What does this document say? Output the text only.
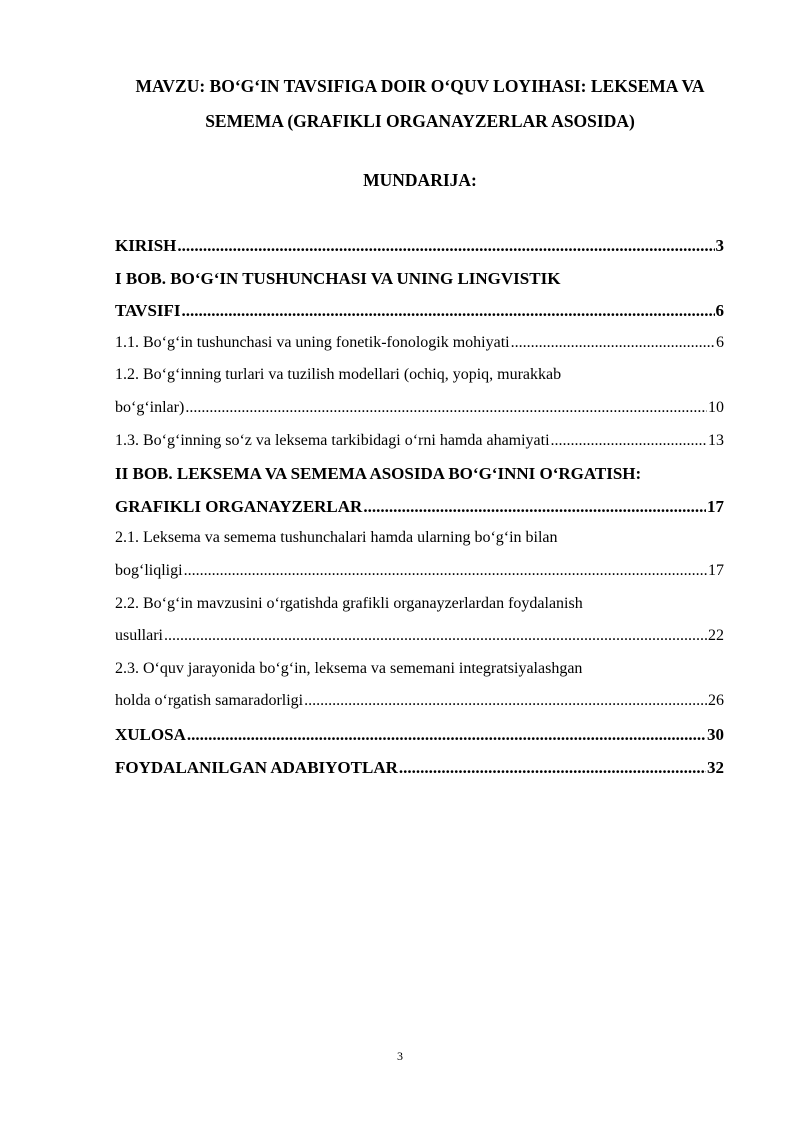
MAVZU: BO‘G‘IN TAVSIFIGA DOIR O‘QUV LOYIHASI: LEKSEMA VA
SEMEMA (GRAFIKLI ORGANAYZERLAR ASOSIDA)
MUNDARIJA:
KIRISH .....	3
I BOB. BO‘G‘IN TUSHUNCHASI VA UNING LINGVISTIK
TAVSIFI .....	6
1.1. Bo‘g‘in tushunchasi va uning fonetik-fonologik mohiyati .....	6
1.2. Bo‘g‘inning turlari va tuzilish modellari (ochiq, yopiq, murakkab
bo‘g‘inlar) .....	10
1.3. Bo‘g‘inning so‘z va leksema tarkibidagi o‘rni hamda ahamiyati .....	13
II BOB. LEKSEMA VA SEMEMA ASOSIDA BO‘G‘INNI O‘RGATISH:
GRAFIKLI ORGANAYZERLAR .....	17
2.1. Leksema va semema tushunchalari hamda ularning bo‘g‘in bilan
bog‘liqligi .....	17
2.2. Bo‘g‘in mavzusini o‘rgatishda grafikli organayzerlardan foydalanish
usullari .....	22
2.3. O‘quv jarayonida bo‘g‘in, leksema va sememani integratsiyalashgan
holda o‘rgatish samaradorligi .....	26
XULOSA .....	30
FOYDALANILGAN ADABIYOTLAR .....	32
3
